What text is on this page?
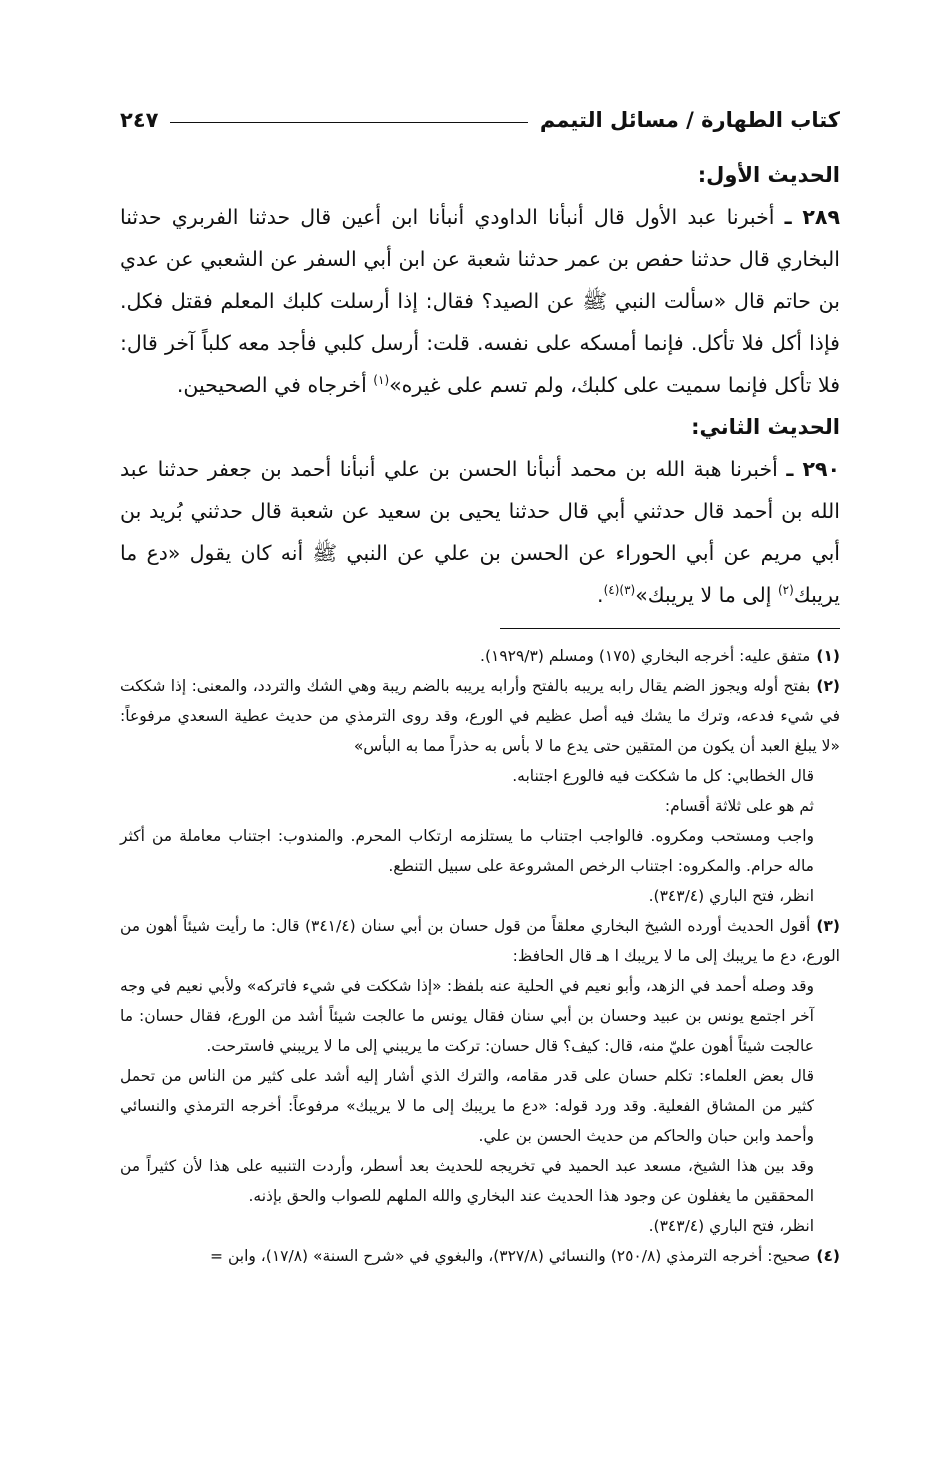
كتاب الطهارة / مسائل التيمم
٢٤٧

الحديث الأول:

٢٨٩ ـ أخبرنا عبد الأول قال أنبأنا الداودي أنبأنا ابن أعين قال حدثنا الفربري حدثنا البخاري قال حدثنا حفص بن عمر حدثنا شعبة عن ابن أبي السفر عن الشعبي عن عدي بن حاتم قال «سألت النبي ﷺ عن الصيد؟ فقال: إذا أرسلت كلبك المعلم فقتل فكل. فإذا أكل فلا تأكل. فإنما أمسكه على نفسه. قلت: أرسل كلبي فأجد معه كلباً آخر قال: فلا تأكل فإنما سميت على كلبك، ولم تسم على غيره»$^{(١)}$ أخرجاه في الصحيحين.

الحديث الثاني:

٢٩٠ ـ أخبرنا هبة الله بن محمد أنبأنا الحسن بن علي أنبأنا أحمد بن جعفر حدثنا عبد الله بن أحمد قال حدثني أبي قال حدثنا يحيى بن سعيد عن شعبة قال حدثني بُريد بن أبي مريم عن أبي الحوراء عن الحسن بن علي عن النبي ﷺ أنه كان يقول «دع ما يريبك$^{(٢)}$ إلى ما لا يريبك»$^{(٣)(٤)}$.

(١)متفق عليه: أخرجه البخاري (١٧٥) ومسلم (١٩٢٩/٣).

(٢)بفتح أوله ويجوز الضم يقال رابه يريبه بالفتح وأرابه يريبه بالضم ريبة وهي الشك والتردد، والمعنى: إذا شككت في شيء فدعه، وترك ما يشك فيه أصل عظيم في الورع، وقد روى الترمذي من حديث عطية السعدي مرفوعاً: «لا يبلغ العبد أن يكون من المتقين حتى يدع ما لا بأس به حذراً مما به البأس»

قال الخطابي: كل ما شككت فيه فالورع اجتنابه.

ثم هو على ثلاثة أقسام:

واجب ومستحب ومكروه. فالواجب اجتناب ما يستلزمه ارتكاب المحرم. والمندوب: اجتناب معاملة من أكثر ماله حرام. والمكروه: اجتناب الرخص المشروعة على سبيل التنطع.

انظر، فتح الباري (٣٤٣/٤).

(٣)أقول الحديث أورده الشيخ البخاري معلقاً من قول حسان بن أبي سنان (٣٤١/٤) قال: ما رأيت شيئاً أهون من الورع، دع ما يريبك إلى ما لا يريبك ا هـ قال الحافظ:

وقد وصله أحمد في الزهد، وأبو نعيم في الحلية عنه بلفظ: «إذا شككت في شيء فاتركه» ولأبي نعيم في وجه آخر اجتمع يونس بن عبيد وحسان بن أبي سنان فقال يونس ما عالجت شيئاً أشد من الورع، فقال حسان: ما عالجت شيئاً أهون عليّ منه، قال: كيف؟ قال حسان: تركت ما يريبني إلى ما لا يريبني فاسترحت.

قال بعض العلماء: تكلم حسان على قدر مقامه، والترك الذي أشار إليه أشد على كثير من الناس من تحمل كثير من المشاق الفعلية. وقد ورد قوله: «دع ما يريبك إلى ما لا يريبك» مرفوعاً: أخرجه الترمذي والنسائي وأحمد وابن حبان والحاكم من حديث الحسن بن علي.

وقد بين هذا الشيخ، مسعد عبد الحميد في تخريجه للحديث بعد أسطر، وأردت التنبيه على هذا لأن كثيراً من المحققين ما يغفلون عن وجود هذا الحديث عند البخاري والله الملهم للصواب والحق بإذنه.

انظر، فتح الباري (٣٤٣/٤).

(٤)صحيح: أخرجه الترمذي (٢٥٠/٨) والنسائي (٣٢٧/٨)، والبغوي في «شرح السنة» (١٧/٨)، وابن =
